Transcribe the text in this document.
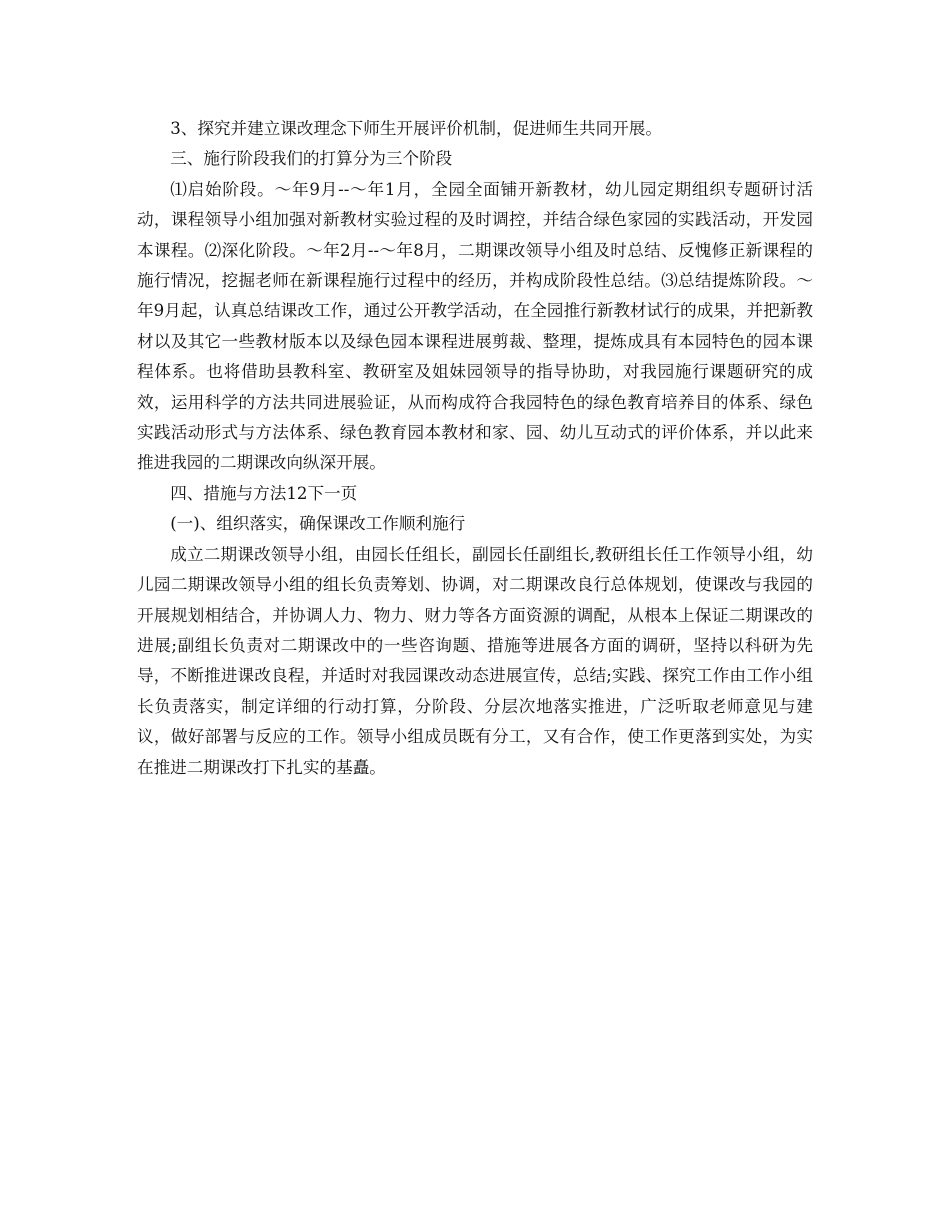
3、探究并建立课改理念下师生开展评价机制，促进师生共同开展。

三、施行阶段我们的打算分为三个阶段

⑴启始阶段。～年9月--～年1月，全园全面铺开新教材，幼儿园定期组织专题研讨活动，课程领导小组加强对新教材实验过程的及时调控，并结合绿色家园的实践活动，开发园本课程。⑵深化阶段。～年2月--～年8月，二期课改领导小组及时总结、反愧修正新课程的施行情况，挖掘老师在新课程施行过程中的经历，并构成阶段性总结。⑶总结提炼阶段。～年9月起，认真总结课改工作，通过公开教学活动，在全园推行新教材试行的成果，并把新教材以及其它一些教材版本以及绿色园本课程进展剪裁、整理，提炼成具有本园特色的园本课程体系。也将借助县教科室、教研室及姐妹园领导的指导协助，对我园施行课题研究的成效，运用科学的方法共同进展验证，从而构成符合我园特色的绿色教育培养目的体系、绿色实践活动形式与方法体系、绿色教育园本教材和家、园、幼儿互动式的评价体系，并以此来推进我园的二期课改向纵深开展。

四、措施与方法12下一页

(一)、组织落实，确保课改工作顺利施行

成立二期课改领导小组，由园长任组长，副园长任副组长,教研组长任工作领导小组，幼儿园二期课改领导小组的组长负责筹划、协调，对二期课改良行总体规划，使课改与我园的开展规划相结合，并协调人力、物力、财力等各方面资源的调配，从根本上保证二期课改的进展;副组长负责对二期课改中的一些咨询题、措施等进展各方面的调研，坚持以科研为先导，不断推进课改良程，并适时对我园课改动态进展宣传，总结;实践、探究工作由工作小组长负责落实，制定详细的行动打算，分阶段、分层次地落实推进，广泛听取老师意见与建议，做好部署与反应的工作。领导小组成员既有分工，又有合作，使工作更落到实处，为实在推进二期课改打下扎实的基矗。
